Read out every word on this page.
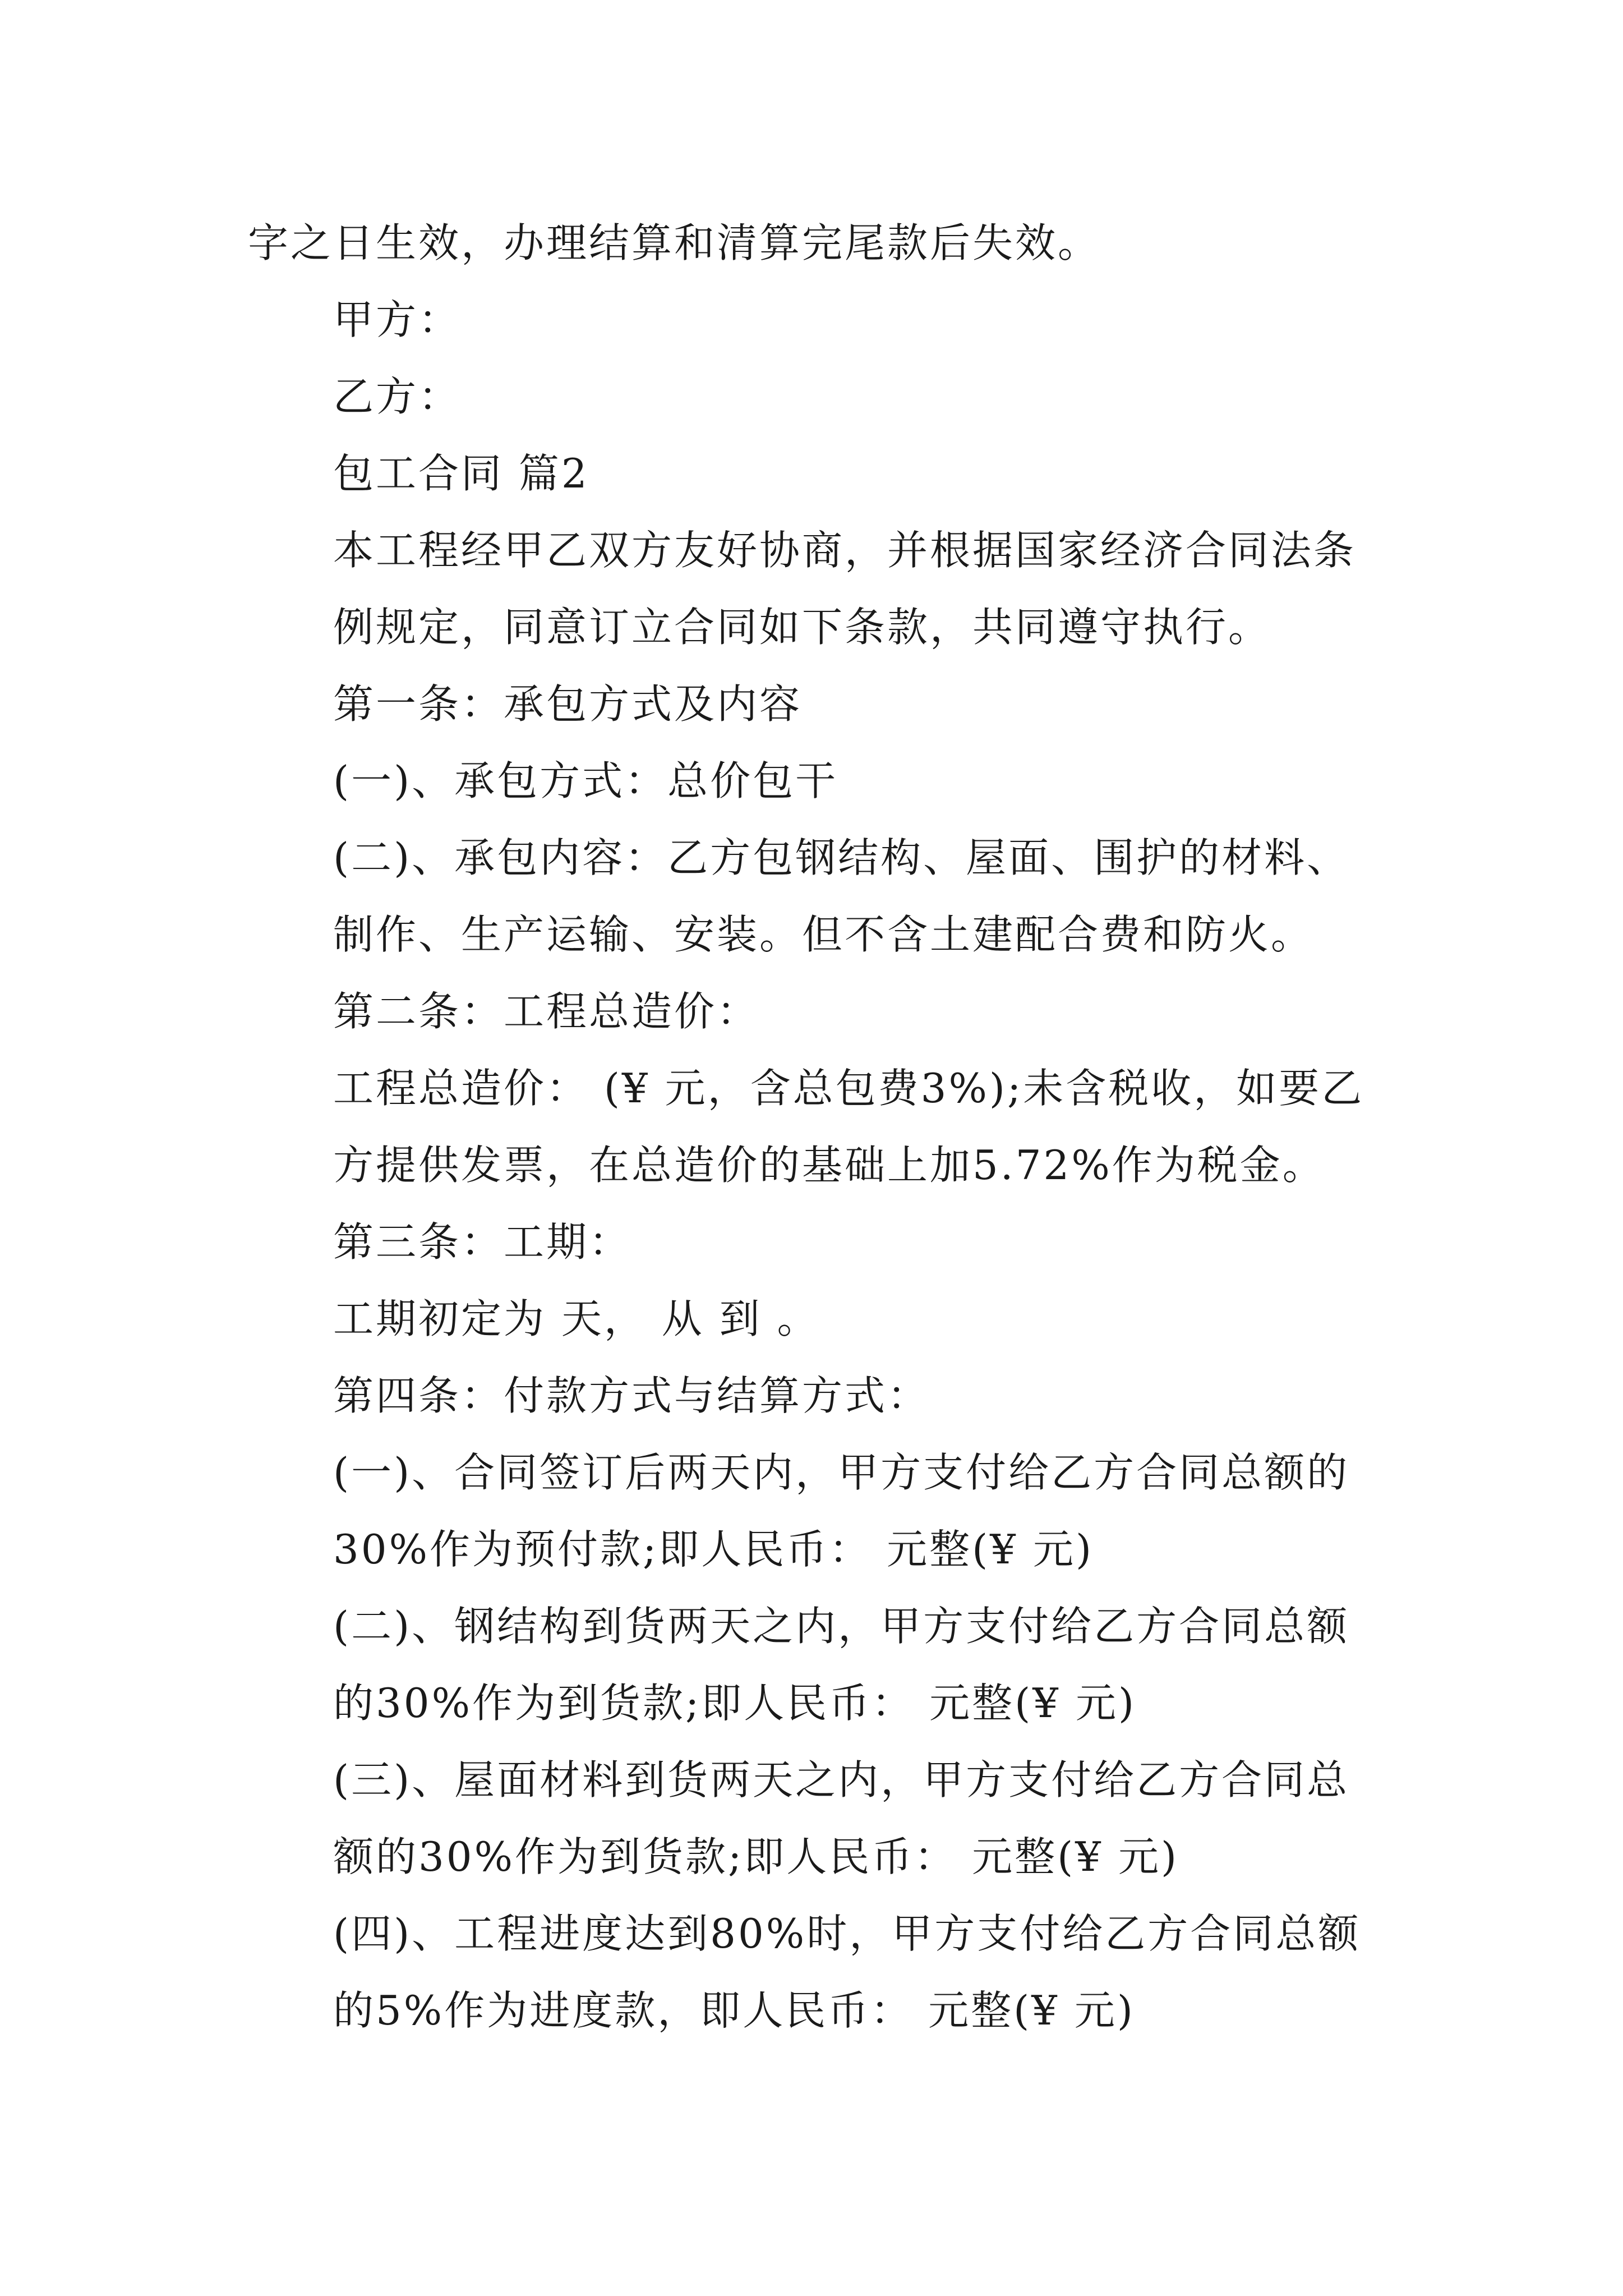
字之日生效，办理结算和清算完尾款后失效。

甲方：

乙方：

包工合同 篇2

本工程经甲乙双方友好协商，并根据国家经济合同法条
例规定，同意订立合同如下条款，共同遵守执行。

第一条：承包方式及内容

(一)、承包方式：总价包干

(二)、承包内容：乙方包钢结构、屋面、围护的材料、
制作、生产运输、安装。但不含土建配合费和防火。

第二条：工程总造价：

工程总造价： (¥ 元，含总包费3%);未含税收，如要乙
方提供发票，在总造价的基础上加5.72%作为税金。

第三条：工期：

工期初定为 天， 从 到 。

第四条：付款方式与结算方式：

(一)、合同签订后两天内，甲方支付给乙方合同总额的
30%作为预付款;即人民币： 元整(¥ 元)

(二)、钢结构到货两天之内，甲方支付给乙方合同总额
的30%作为到货款;即人民币： 元整(¥ 元)

(三)、屋面材料到货两天之内，甲方支付给乙方合同总
额的30%作为到货款;即人民币： 元整(¥ 元)

(四)、工程进度达到80%时，甲方支付给乙方合同总额
的5%作为进度款，即人民币： 元整(¥ 元)
